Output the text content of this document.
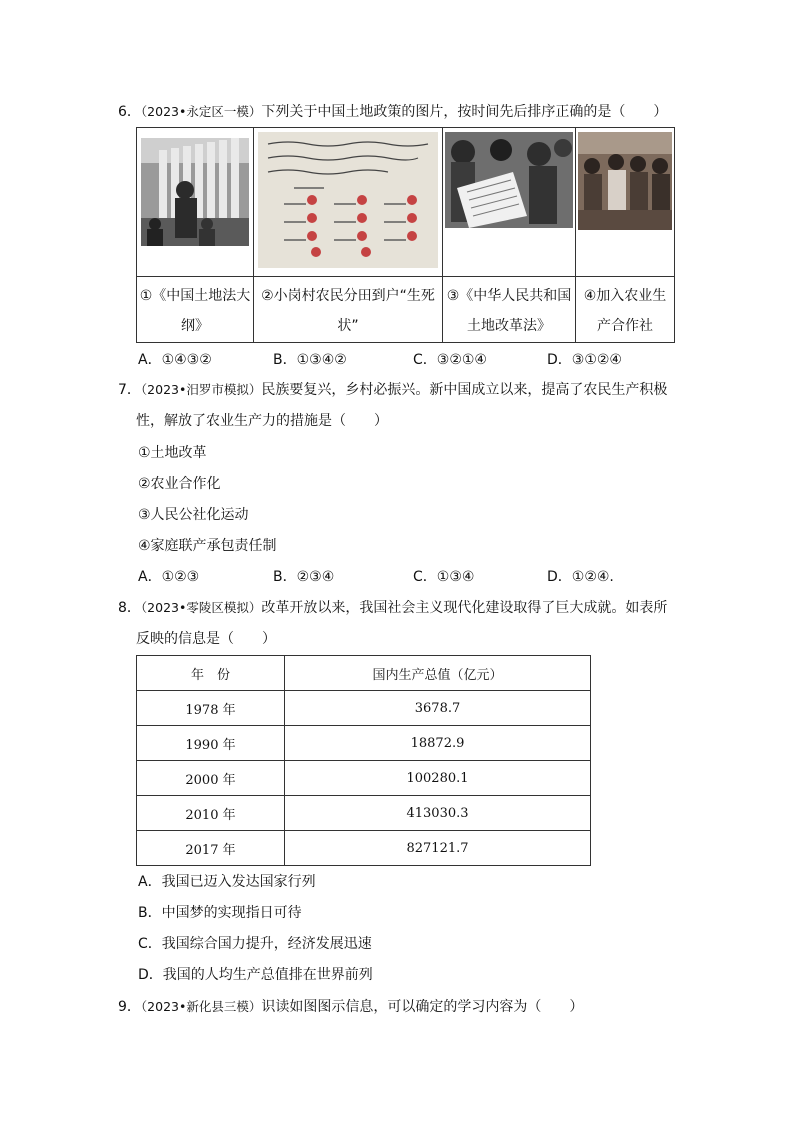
6．（2023•永定区一模）下列关于中国土地政策的图片，按时间先后排序正确的是（　　）
①《中国土地法大纲》
②小岗村农民分田到户“生死状”
③《中华人民共和国土地改革法》
④加入农业生产合作社
A．①④③②	B．①③④②	C．③②①④	D．③①②④
7．（2023•汨罗市模拟）民族要复兴，乡村必振兴。新中国成立以来，提高了农民生产积极
性，解放了农业生产力的措施是（　　）
①土地改革
②农业合作化
③人民公社化运动
④家庭联产承包责任制
A．①②③	B．②③④	C．①③④	D．①②④.
8．（2023•零陵区模拟）改革开放以来，我国社会主义现代化建设取得了巨大成就。如表所
反映的信息是（　　）
年　份	国内生产总值（亿元）
1978 年	3678.7
1990 年	18872.9
2000 年	100280.1
2010 年	413030.3
2017 年	827121.7
A．我国已迈入发达国家行列
B．中国梦的实现指日可待
C．我国综合国力提升，经济发展迅速
D．我国的人均生产总值排在世界前列
9．（2023•新化县三模）识读如图图示信息，可以确定的学习内容为（　　）
